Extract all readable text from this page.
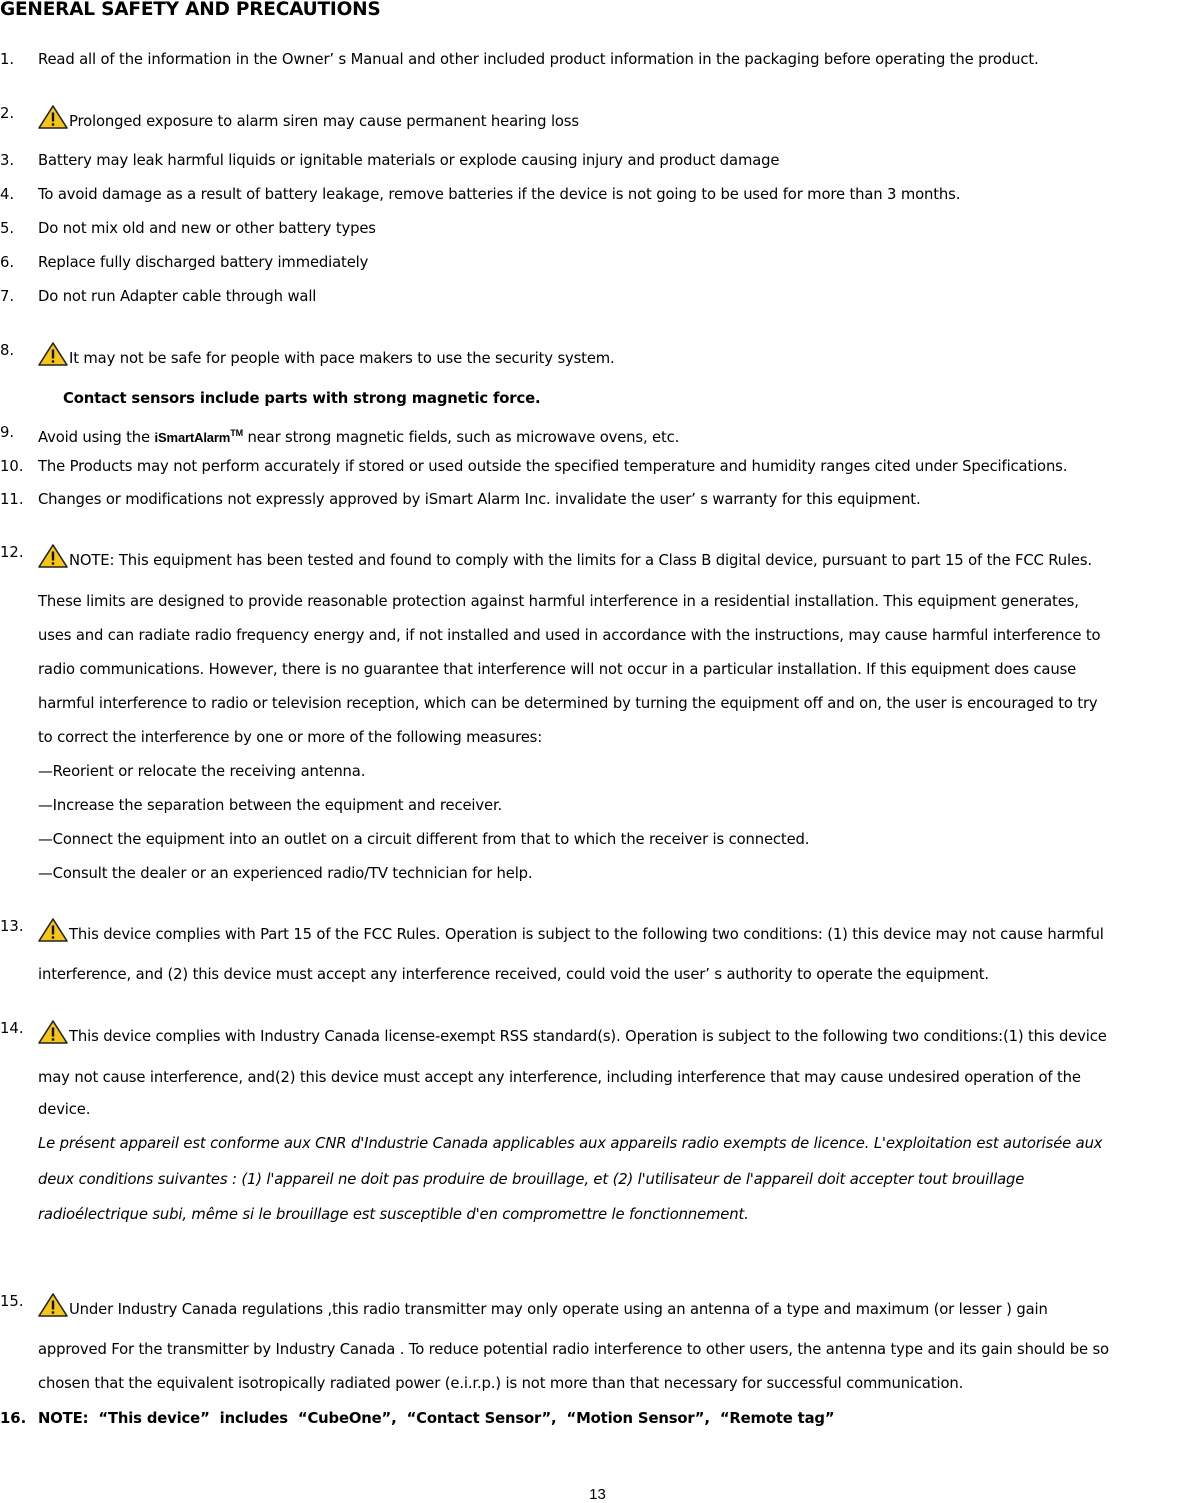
GENERAL SAFETY AND PRECAUTIONS
1. Read all of the information in the Owner’ s Manual and other included product information in the packaging before operating the product.
2.	Prolonged exposure to alarm siren may cause permanent hearing loss
3. Battery may leak harmful liquids or ignitable materials or explode causing injury and product damage
4. To avoid damage as a result of battery leakage, remove batteries if the device is not going to be used for more than 3 months.
5. Do not mix old and new or other battery types
6. Replace fully discharged battery immediately
7. Do not run Adapter cable through wall
8.	It may not be safe for people with pace makers to use the security system.
Contact sensors include parts with strong magnetic force.
9. Avoid using the iSmartAlarm™ near strong magnetic fields, such as microwave ovens, etc.
10. The Products may not perform accurately if stored or used outside the specified temperature and humidity ranges cited under Specifications.
11. Changes or modifications not expressly approved by iSmart Alarm Inc. invalidate the user’ s warranty for this equipment.
12.	NOTE: This equipment has been tested and found to comply with the limits for a Class B digital device, pursuant to part 15 of the FCC Rules.
These limits are designed to provide reasonable protection against harmful interference in a residential installation. This equipment generates,
uses and can radiate radio frequency energy and, if not installed and used in accordance with the instructions, may cause harmful interference to
radio communications. However, there is no guarantee that interference will not occur in a particular installation. If this equipment does cause
harmful interference to radio or television reception, which can be determined by turning the equipment off and on, the user is encouraged to try
to correct the interference by one or more of the following measures:
—Reorient or relocate the receiving antenna.
—Increase the separation between the equipment and receiver.
—Connect the equipment into an outlet on a circuit different from that to which the receiver is connected.
—Consult the dealer or an experienced radio/TV technician for help.
13.	This device complies with Part 15 of the FCC Rules. Operation is subject to the following two conditions: (1) this device may not cause harmful
interference, and (2) this device must accept any interference received, could void the user’ s authority to operate the equipment.
14.	This device complies with Industry Canada license-exempt RSS standard(s). Operation is subject to the following two conditions:(1) this device
may not cause interference, and(2) this device must accept any interference, including interference that may cause undesired operation of the
device.
Le présent appareil est conforme aux CNR d'Industrie Canada applicables aux appareils radio exempts de licence. L'exploitation est autorisée aux
deux conditions suivantes : (1) l'appareil ne doit pas produire de brouillage, et (2) l'utilisateur de l'appareil doit accepter tout brouillage
radioélectrique subi, même si le brouillage est susceptible d'en compromettre le fonctionnement.
15.	Under Industry Canada regulations ,this radio transmitter may only operate using an antenna of a type and maximum (or lesser ) gain
approved For the transmitter by Industry Canada . To reduce potential radio interference to other users, the antenna type and its gain should be so
chosen that the equivalent isotropically radiated power (e.i.r.p.) is not more than that necessary for successful communication.
16. NOTE:  “This device”  includes  “CubeOne”,  “Contact Sensor”,  “Motion Sensor”,  “Remote tag”
13
